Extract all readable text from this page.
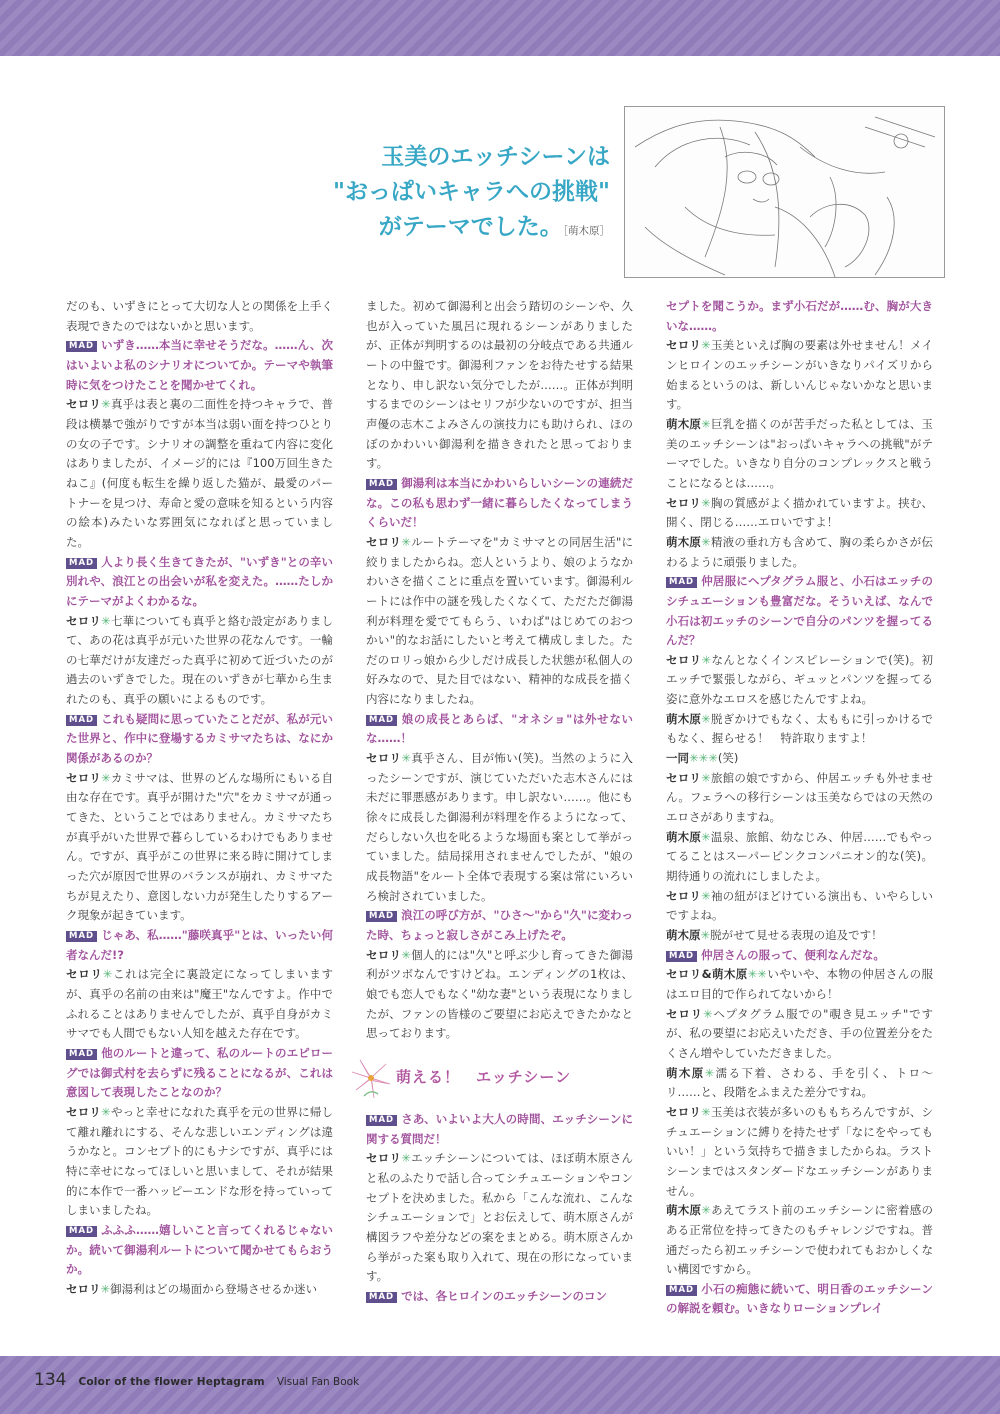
玉美のエッチシーンは
"おっぱいキャラへの挑戦"
がテーマでした。［萌木原］

だのも、いずきにとって大切な人との関係を上手く表現できたのではないかと思います。

MAD いずき……本当に幸せそうだな。……ん、次はいよいよ私のシナリオについてか。テーマや執筆時に気をつけたことを聞かせてくれ。

セロリ✳真乎は表と裏の二面性を持つキャラで、普段は横暴で強がりですが本当は弱い面を持つひとりの女の子です。シナリオの調整を重ねて内容に変化はありましたが、イメージ的には『100万回生きたねこ』(何度も転生を繰り返した猫が、最愛のパートナーを見つけ、寿命と愛の意味を知るという内容の絵本)みたいな雰囲気になればと思っていました。

MAD 人より長く生きてきたが、"いずき"との辛い別れや、浪江との出会いが私を変えた。……たしかにテーマがよくわかるな。

セロリ✳七華についても真乎と絡む設定がありまして、あの花は真乎が元いた世界の花なんです。一輪の七華だけが友達だった真乎に初めて近づいたのが過去のいずきでした。現在のいずきが七華から生まれたのも、真乎の願いによるものです。

MAD これも疑問に思っていたことだが、私が元いた世界と、作中に登場するカミサマたちは、なにか関係があるのか？

セロリ✳カミサマは、世界のどんな場所にもいる自由な存在です。真乎が開けた"穴"をカミサマが通ってきた、ということではありません。カミサマたちが真乎がいた世界で暮らしているわけでもありません。ですが、真乎がこの世界に来る時に開けてしまった穴が原因で世界のバランスが崩れ、カミサマたちが見えたり、意図しない力が発生したりするアーク現象が起きています。

MAD じゃあ、私……"藤咲真乎"とは、いったい何者なんだ!?

セロリ✳これは完全に裏設定になってしまいますが、真乎の名前の由来は"魔王"なんですよ。作中でふれることはありませんでしたが、真乎自身がカミサマでも人間でもない人知を越えた存在です。

MAD 他のルートと違って、私のルートのエピローグでは御式村を去らずに残ることになるが、これは意図して表現したことなのか？

セロリ✳やっと幸せになれた真乎を元の世界に帰して離れ離れにする、そんな悲しいエンディングは違うかなと。コンセプト的にもナシですが、真乎には特に幸せになってほしいと思いまして、それが結果的に本作で一番ハッピーエンドな形を持っていってしまいましたね。

MAD ふふふ……嬉しいこと言ってくれるじゃないか。続いて御湯利ルートについて聞かせてもらおうか。

セロリ✳御湯利はどの場面から登場させるか迷い

ました。初めて御湯利と出会う踏切のシーンや、久也が入っていた風呂に現れるシーンがありましたが、正体が判明するのは最初の分岐点である共通ルートの中盤です。御湯利ファンをお待たせする結果となり、申し訳ない気分でしたが……。正体が判明するまでのシーンはセリフが少ないのですが、担当声優の志木こよみさんの演技力にも助けられ、ほのぼのかわいい御湯利を描ききれたと思っております。

MAD 御湯利は本当にかわいらしいシーンの連続だな。この私も思わず一緒に暮らしたくなってしまうくらいだ！

セロリ✳ルートテーマを"カミサマとの同居生活"に絞りましたからね。恋人というより、娘のようなかわいさを描くことに重点を置いています。御湯利ルートには作中の謎を残したくなくて、ただただ御湯利が料理を愛でてもらう、いわば"はじめてのおつかい"的なお話にしたいと考えて構成しました。ただのロリっ娘から少しだけ成長した状態が私個人の好みなので、見た目ではない、精神的な成長を描く内容になりましたね。

MAD 娘の成長とあらば、"オネショ"は外せないな……！

セロリ✳真乎さん、目が怖い(笑)。当然のように入ったシーンですが、演じていただいた志木さんには未だに罪悪感があります。申し訳ない……。他にも徐々に成長した御湯利が料理を作るようになって、だらしない久也を叱るような場面も案として挙がっていました。結局採用されませんでしたが、"娘の成長物語"をルート全体で表現する案は常にいろいろ検討されていました。

MAD 浪江の呼び方が、"ひさ～"から"久"に変わった時、ちょっと寂しさがこみ上げたぞ。

セロリ✳個人的には"久"と呼ぶ少し育ってきた御湯利がツボなんですけどね。エンディングの1枚は、娘でも恋人でもなく"幼な妻"という表現になりましたが、ファンの皆様のご要望にお応えできたかなと思っております。

萌える！　エッチシーン

MAD さあ、いよいよ大人の時間、エッチシーンに関する質問だ！

セロリ✳エッチシーンについては、ほぼ萌木原さんと私のふたりで話し合ってシチュエーションやコンセプトを決めました。私から「こんな流れ、こんなシチュエーションで」とお伝えして、萌木原さんが構図ラフや差分などの案をまとめる。萌木原さんから挙がった案も取り入れて、現在の形になっています。

MAD では、各ヒロインのエッチシーンのコン

セプトを聞こうか。まず小石だが……む、胸が大きいな……。

セロリ✳玉美といえば胸の要素は外せません！メインヒロインのエッチシーンがいきなりパイズリから始まるというのは、新しいんじゃないかなと思います。

萌木原✳巨乳を描くのが苦手だった私としては、玉美のエッチシーンは"おっぱいキャラへの挑戦"がテーマでした。いきなり自分のコンプレックスと戦うことになるとは……。

セロリ✳胸の質感がよく描かれていますよ。挟む、開く、閉じる……エロいですよ！

萌木原✳精液の垂れ方も含めて、胸の柔らかさが伝わるように頑張りました。

MAD 仲居服にヘプタグラム服と、小石はエッチのシチュエーションも豊富だな。そういえば、なんで小石は初エッチのシーンで自分のパンツを握ってるんだ？

セロリ✳なんとなくインスピレーションで(笑)。初エッチで緊張しながら、ギュッとパンツを握ってる姿に意外なエロスを感じたんですよね。

萌木原✳脱ぎかけでもなく、太ももに引っかけるでもなく、握らせる！　特許取りますよ！

一同✳✳✳(笑)

セロリ✳旅館の娘ですから、仲居エッチも外せません。フェラへの移行シーンは玉美ならではの天然のエロさがありますね。

萌木原✳温泉、旅館、幼なじみ、仲居……でもやってることはスーパーピンクコンパニオン的な(笑)。期待通りの流れにしましたよ。

セロリ✳袖の紐がほどけている演出も、いやらしいですよね。

萌木原✳脱がせて見せる表現の追及です！

MAD 仲居さんの服って、便利なんだな。

セロリ&萌木原✳✳いやいや、本物の仲居さんの服はエロ目的で作られてないから！

セロリ✳ヘプタグラム服での"覗き見エッチ"ですが、私の要望にお応えいただき、手の位置差分をたくさん増やしていただきました。

萌木原✳濡る下着、さわる、手を引く、トロ～リ……と、段階をふまえた差分ですね。

セロリ✳玉美は衣装が多いのももちろんですが、シチュエーションに縛りを持たせず「なにをやってもいい！」という気持ちで描きましたからね。ラストシーンまではスタンダードなエッチシーンがありません。

萌木原✳あえてラスト前のエッチシーンに密着感のある正常位を持ってきたのもチャレンジですね。普通だったら初エッチシーンで使われてもおかしくない構図ですから。

MAD 小石の痴態に続いて、明日香のエッチシーンの解説を頼む。いきなりローションプレイ

134 Color of the flower Heptagram Visual Fan Book
